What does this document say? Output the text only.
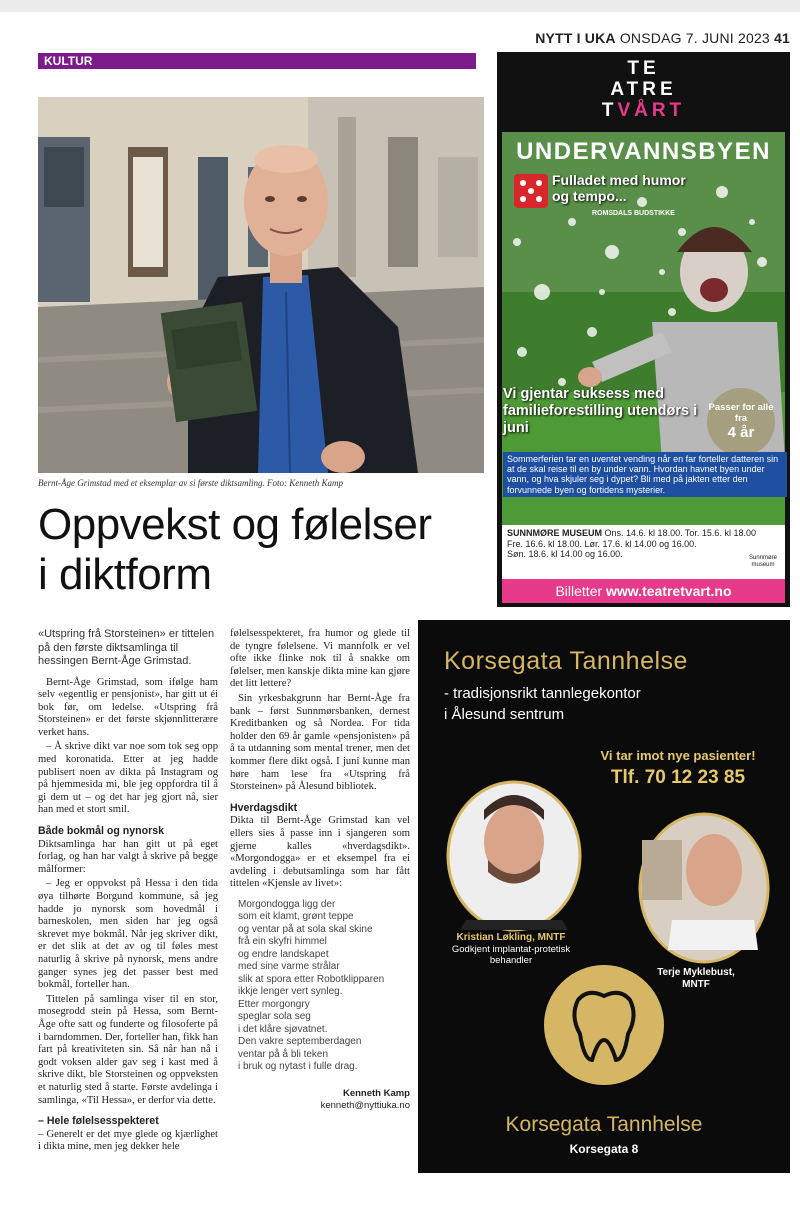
NYTT I UKA ONSDAG 7. JUNI 2023 41
KULTUR
Bernt-Åge Grimstad med et eksemplar av si første diktsamling. Foto: Kenneth Kamp
Oppvekst og følelser
i diktform

«Utspring frå Storsteinen» er tittelen på den første diktsamlinga til hessingen Bernt-Åge Grimstad.

Bernt-Åge Grimstad, som ifølge ham selv «egentlig er pensjonist», har gitt ut éi bok før, om ledelse. «Utspring frå Storsteinen» er det første skjønnlitterære verket hans.

– Å skrive dikt var noe som tok seg opp med koronatida. Etter at jeg hadde publisert noen av dikta på Instagram og på hjemmesida mi, ble jeg oppfordra til å gi dem ut – og det har jeg gjort nå, sier han med et stort smil.

Både bokmål og nynorsk

Diktsamlinga har han gitt ut på eget forlag, og han har valgt å skrive på begge målformer:

– Jeg er oppvokst på Hessa i den tida øya tilhørte Borgund kommune, så jeg hadde jo nynorsk som hovedmål i barneskolen, men siden har jeg også skrevet mye bokmål. Når jeg skriver dikt, er det slik at det av og til føles mest naturlig å skrive på nynorsk, mens andre ganger synes jeg det passer best med bokmål, forteller han.

Tittelen på samlinga viser til en stor, mosegrodd stein på Hessa, som Bernt-Åge ofte satt og funderte og filosoferte på i barndommen. Der, forteller han, fikk han fart på kreativiteten sin. Så når han nå i godt voksen alder gav seg i kast med å skrive dikt, ble Storsteinen og oppveksten et naturlig sted å starte. Første avdelinga i samlinga, «Til Hessa», er derfor via dette.

– Hele følelsesspekteret

– Generelt er det mye glede og kjærlighet i dikta mine, men jeg dekker hele

følelsesspekteret, fra humor og glede til de tyngre følelsene. Vi mannfolk er vel ofte ikke flinke nok til å snakke om følelser, men kanskje dikta mine kan gjøre det litt lettere?

Sin yrkesbakgrunn har Bernt-Åge fra bank – først Sunnmørsbanken, dernest Kreditbanken og så Nordea. For tida holder den 69 år gamle «pensjonisten» på å ta utdanning som mental trener, men det kommer flere dikt også. I juni kunne man høre ham lese fra «Utspring frå Storsteinen» på Ålesund bibliotek.

Hverdagsdikt

Dikta til Bernt-Åge Grimstad kan vel ellers sies å passe inn i sjangeren som gjerne kalles «hverdagsdikt». «Morgondogga» er et eksempel fra ei avdeling i debutsamlinga som har fått tittelen «Kjensle av livet»:

Morgondogga ligg der
som eit klamt, grønt teppe
og ventar på at sola skal skine
frå ein skyfri himmel
og endre landskapet
med sine varme strålar
slik at spora etter Robotklipparen
ikkje lenger vert synleg.
Etter morgongry
speglar sola seg
i det klåre sjøvatnet.
Den vakre septemberdagen
ventar på å bli teken
i bruk og nytast i fulle drag.
Kenneth Kamp
kenneth@nyttiuka.no
TE
ATRE
TVÅRT
UNDERVANNSBYEN
Fulladet med humor og tempo...
ROMSDALS BUDSTIKKE
Vi gjentar suksess med familieforestilling utendørs i juni
Passer for alle fra
4 år
Sommerferien tar en uventet vending når en far forteller datteren sin at de skal reise til en by under vann. Hvordan havnet byen under vann, og hva skjuler seg i dypet? Bli med på jakten etter den forvunnede byen og fortidens mysterier.
SUNNMØRE MUSEUM Ons. 14.6. kl 18.00. Tor. 15.6. kl 18.00
Fre. 16.6. kl 18.00. Lør. 17.6. kl 14.00 og 16.00.
Søn. 18.6. kl 14.00 og 16.00.	Sunnmøre museum
Billetter www.teatretvart.no
Korsegata Tannhelse
- tradisjonsrikt tannlegekontor
i Ålesund sentrum
Vi tar imot nye pasienter!
Tlf. 70 12 23 85
Kristian Løkling, MNTF
Godkjent implantat-protetisk behandler
Terje Myklebust,
MNTF
Korsegata Tannhelse
Korsegata 8
